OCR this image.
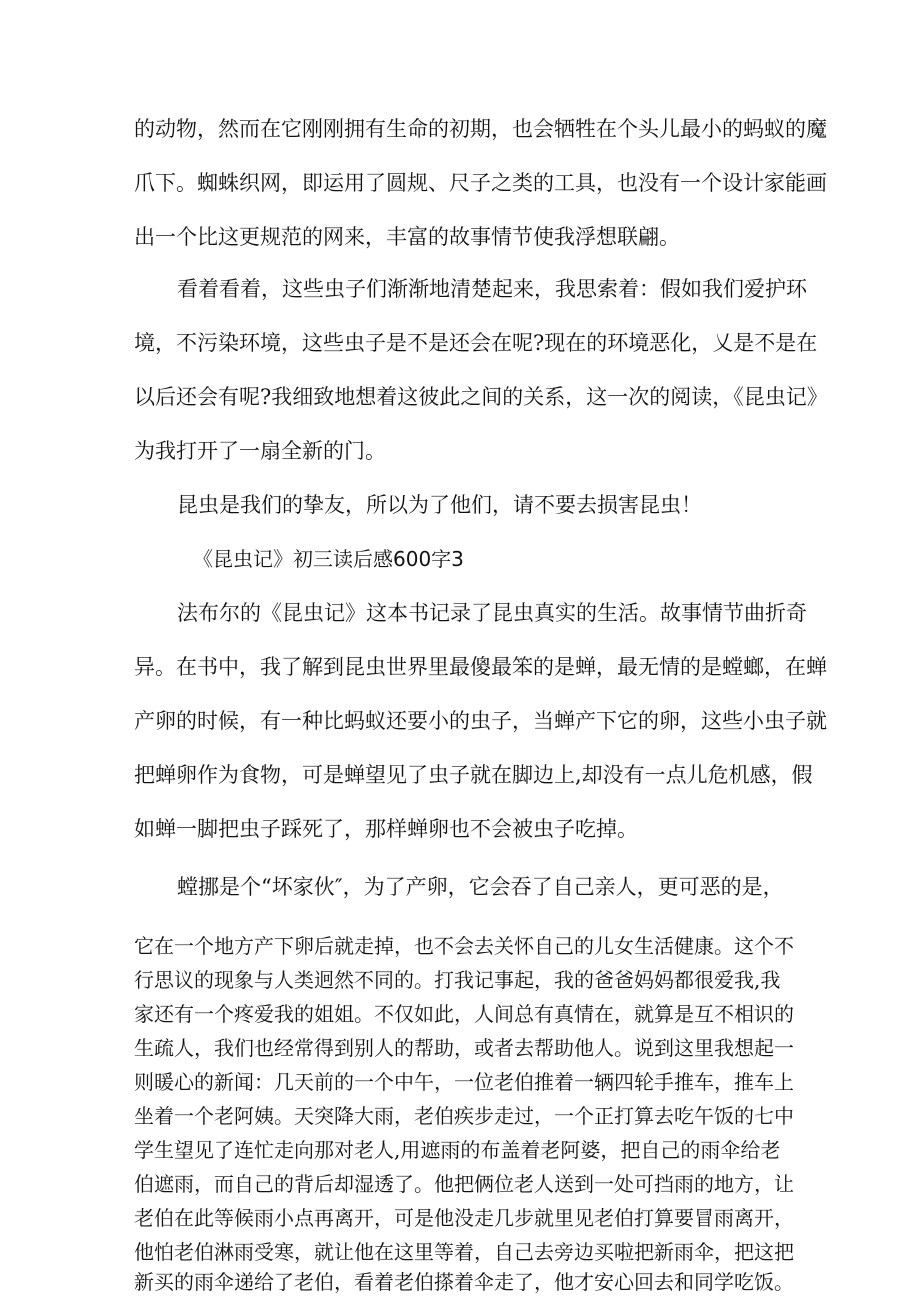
的动物，然而在它刚刚拥有生命的初期，也会牺牲在个头儿最小的蚂蚁的魔
爪下。蜘蛛织网，即运用了圆规、尺子之类的工具，也没有一个设计家能画
出一个比这更规范的网来，丰富的故事情节使我浮想联翩。
看着看着，这些虫子们渐渐地清楚起来，我思索着：假如我们爱护环
境，不污染环境，这些虫子是不是还会在呢?现在的环境恶化，乂是不是在
以后还会有呢?我细致地想着这彼此之间的关系，这一次的阅读，《昆虫记》
为我打开了一扇全新的门。
昆虫是我们的挚友，所以为了他们，请不要去损害昆虫！
《昆虫记》初三读后感600字3
法布尔的《昆虫记》这本书记录了昆虫真实的生活。故事情节曲折奇
异。在书中，我了解到昆虫世界里最傻最笨的是蝉，最无情的是螳螂，在蝉
产卵的时候，有一种比蚂蚁还要小的虫子，当蝉产下它的卵，这些小虫子就
把蝉卵作为食物，可是蝉望见了虫子就在脚边上,却没有一点儿危机感，假
如蝉一脚把虫子踩死了，那样蝉卵也不会被虫子吃掉。
螳挪是个“坏家伙″，为了产卵，它会吞了自己亲人，更可恶的是，
它在一个地方产下卵后就走掉，也不会去关怀自己的儿女生活健康。这个不
行思议的现象与人类迥然不同的。打我记事起，我的爸爸妈妈都很爱我,我
家还有一个疼爱我的姐姐。不仅如此，人间总有真情在，就算是互不相识的
生疏人，我们也经常得到别人的帮助，或者去帮助他人。说到这里我想起一
则暖心的新闻：几天前的一个中午，一位老伯推着一辆四轮手推车，推车上
坐着一个老阿姨。天突降大雨，老伯疾步走过，一个正打算去吃午饭的七中
学生望见了连忙走向那对老人,用遮雨的布盖着老阿婆，把自己的雨伞给老
伯遮雨，而自己的背后却湿透了。他把俩位老人送到一处可挡雨的地方，让
老伯在此等候雨小点再离开，可是他没走几步就里见老伯打算要冒雨离开，
他怕老伯淋雨受寒，就让他在这里等着，自己去旁边买啦把新雨伞，把这把
新买的雨伞递给了老伯，看着老伯搽着伞走了，他才安心回去和同学吃饭。
